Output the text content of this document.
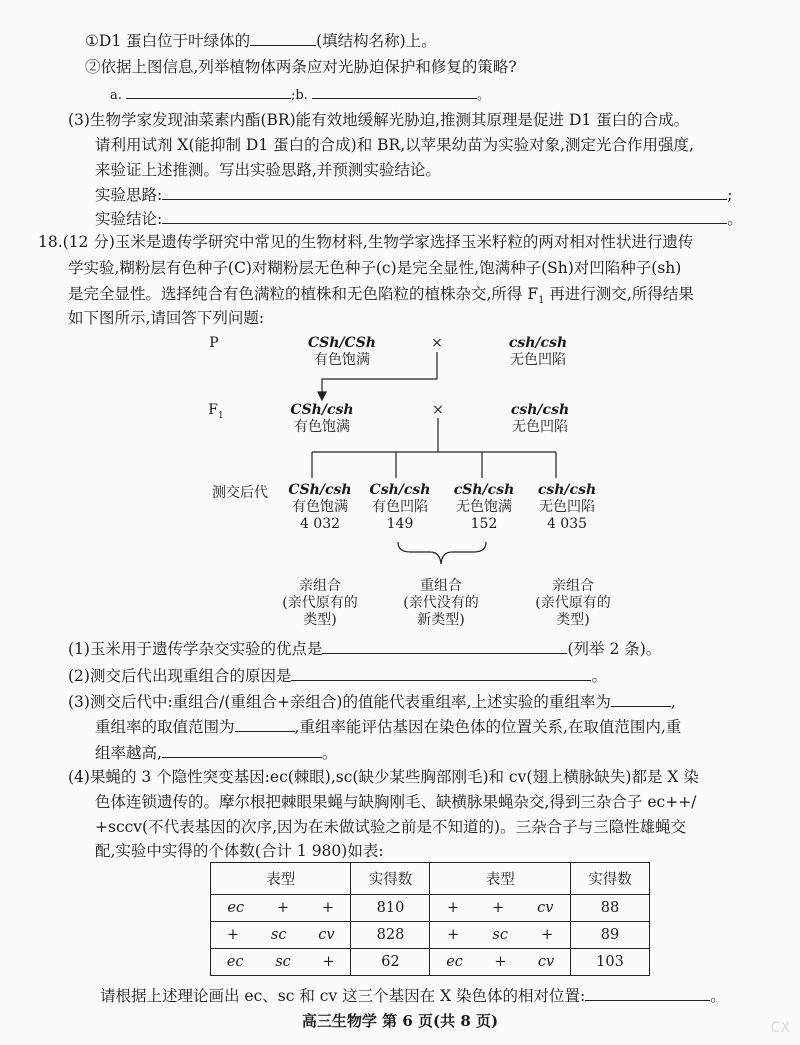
①D1 蛋白位于叶绿体的	(填结构名称)上。
②依据上图信息,列举植物体两条应对光胁迫保护和修复的策略?
a.	;b.	。
(3)生物学家发现油菜素内酯(BR)能有效地缓解光胁迫,推测其原理是促进 D1 蛋白的合成。
请利用试剂 X(能抑制 D1 蛋白的合成)和 BR,以苹果幼苗为实验对象,测定光合作用强度,
来验证上述推测。写出实验思路,并预测实验结论。
实验思路:	;
实验结论:	。
18.(12 分)玉米是遗传学研究中常见的生物材料,生物学家选择玉米籽粒的两对相对性状进行遗传
学实验,糊粉层有色种子(C)对糊粉层无色种子(c)是完全显性,饱满种子(Sh)对凹陷种子(sh)
是完全显性。选择纯合有色满粒的植株和无色陷粒的植株杂交,所得 $F_1$ 再进行测交,所得结果
如下图所示,请回答下列问题:
P	CSh/CSh
有色饱满
×	csh/csh
无色凹陷
$F_1$	CSh/csh
有色饱满
×	csh/csh
无色凹陷
测交后代 CSh/csh
有色饱满
4 032
Csh/csh
有色凹陷
149
cSh/csh
无色饱满
152
csh/csh
无色凹陷
4 035
亲组合
(亲代原有的
类型)
重组合
(亲代没有的
新类型)
亲组合
(亲代原有的
类型)
(1)玉米用于遗传学杂交实验的优点是	(列举 2 条)。
(2)测交后代出现重组合的原因是	。
(3)测交后代中:重组合/(重组合+亲组合)的值能代表重组率,上述实验的重组率为	,
重组率的取值范围为	,重组率能评估基因在染色体的位置关系,在取值范围内,重
组率越高,	。
(4)果蝇的 3 个隐性突变基因:ec(棘眼),sc(缺少某些胸部刚毛)和 cv(翅上横脉缺失)都是 X 染
色体连锁遗传的。摩尔根把棘眼果蝇与缺胸刚毛、缺横脉果蝇杂交,得到三杂合子 ec++/
+sccv(不代表基因的次序,因为在未做试验之前是不知道的)。三杂合子与三隐性雄蝇交
配,实验中实得的个体数(合计 1 980)如表:
表型	实得数	表型	实得数

ec + +	810	+ + cv	88

+ sc cv	828	+ sc +	89

ec sc +	62	ec + cv	103
请根据上述理论画出 ec、sc 和 cv 这三个基因在 X 染色体的相对位置:	。
高三生物学 第 6 页(共 8 页)	CX
